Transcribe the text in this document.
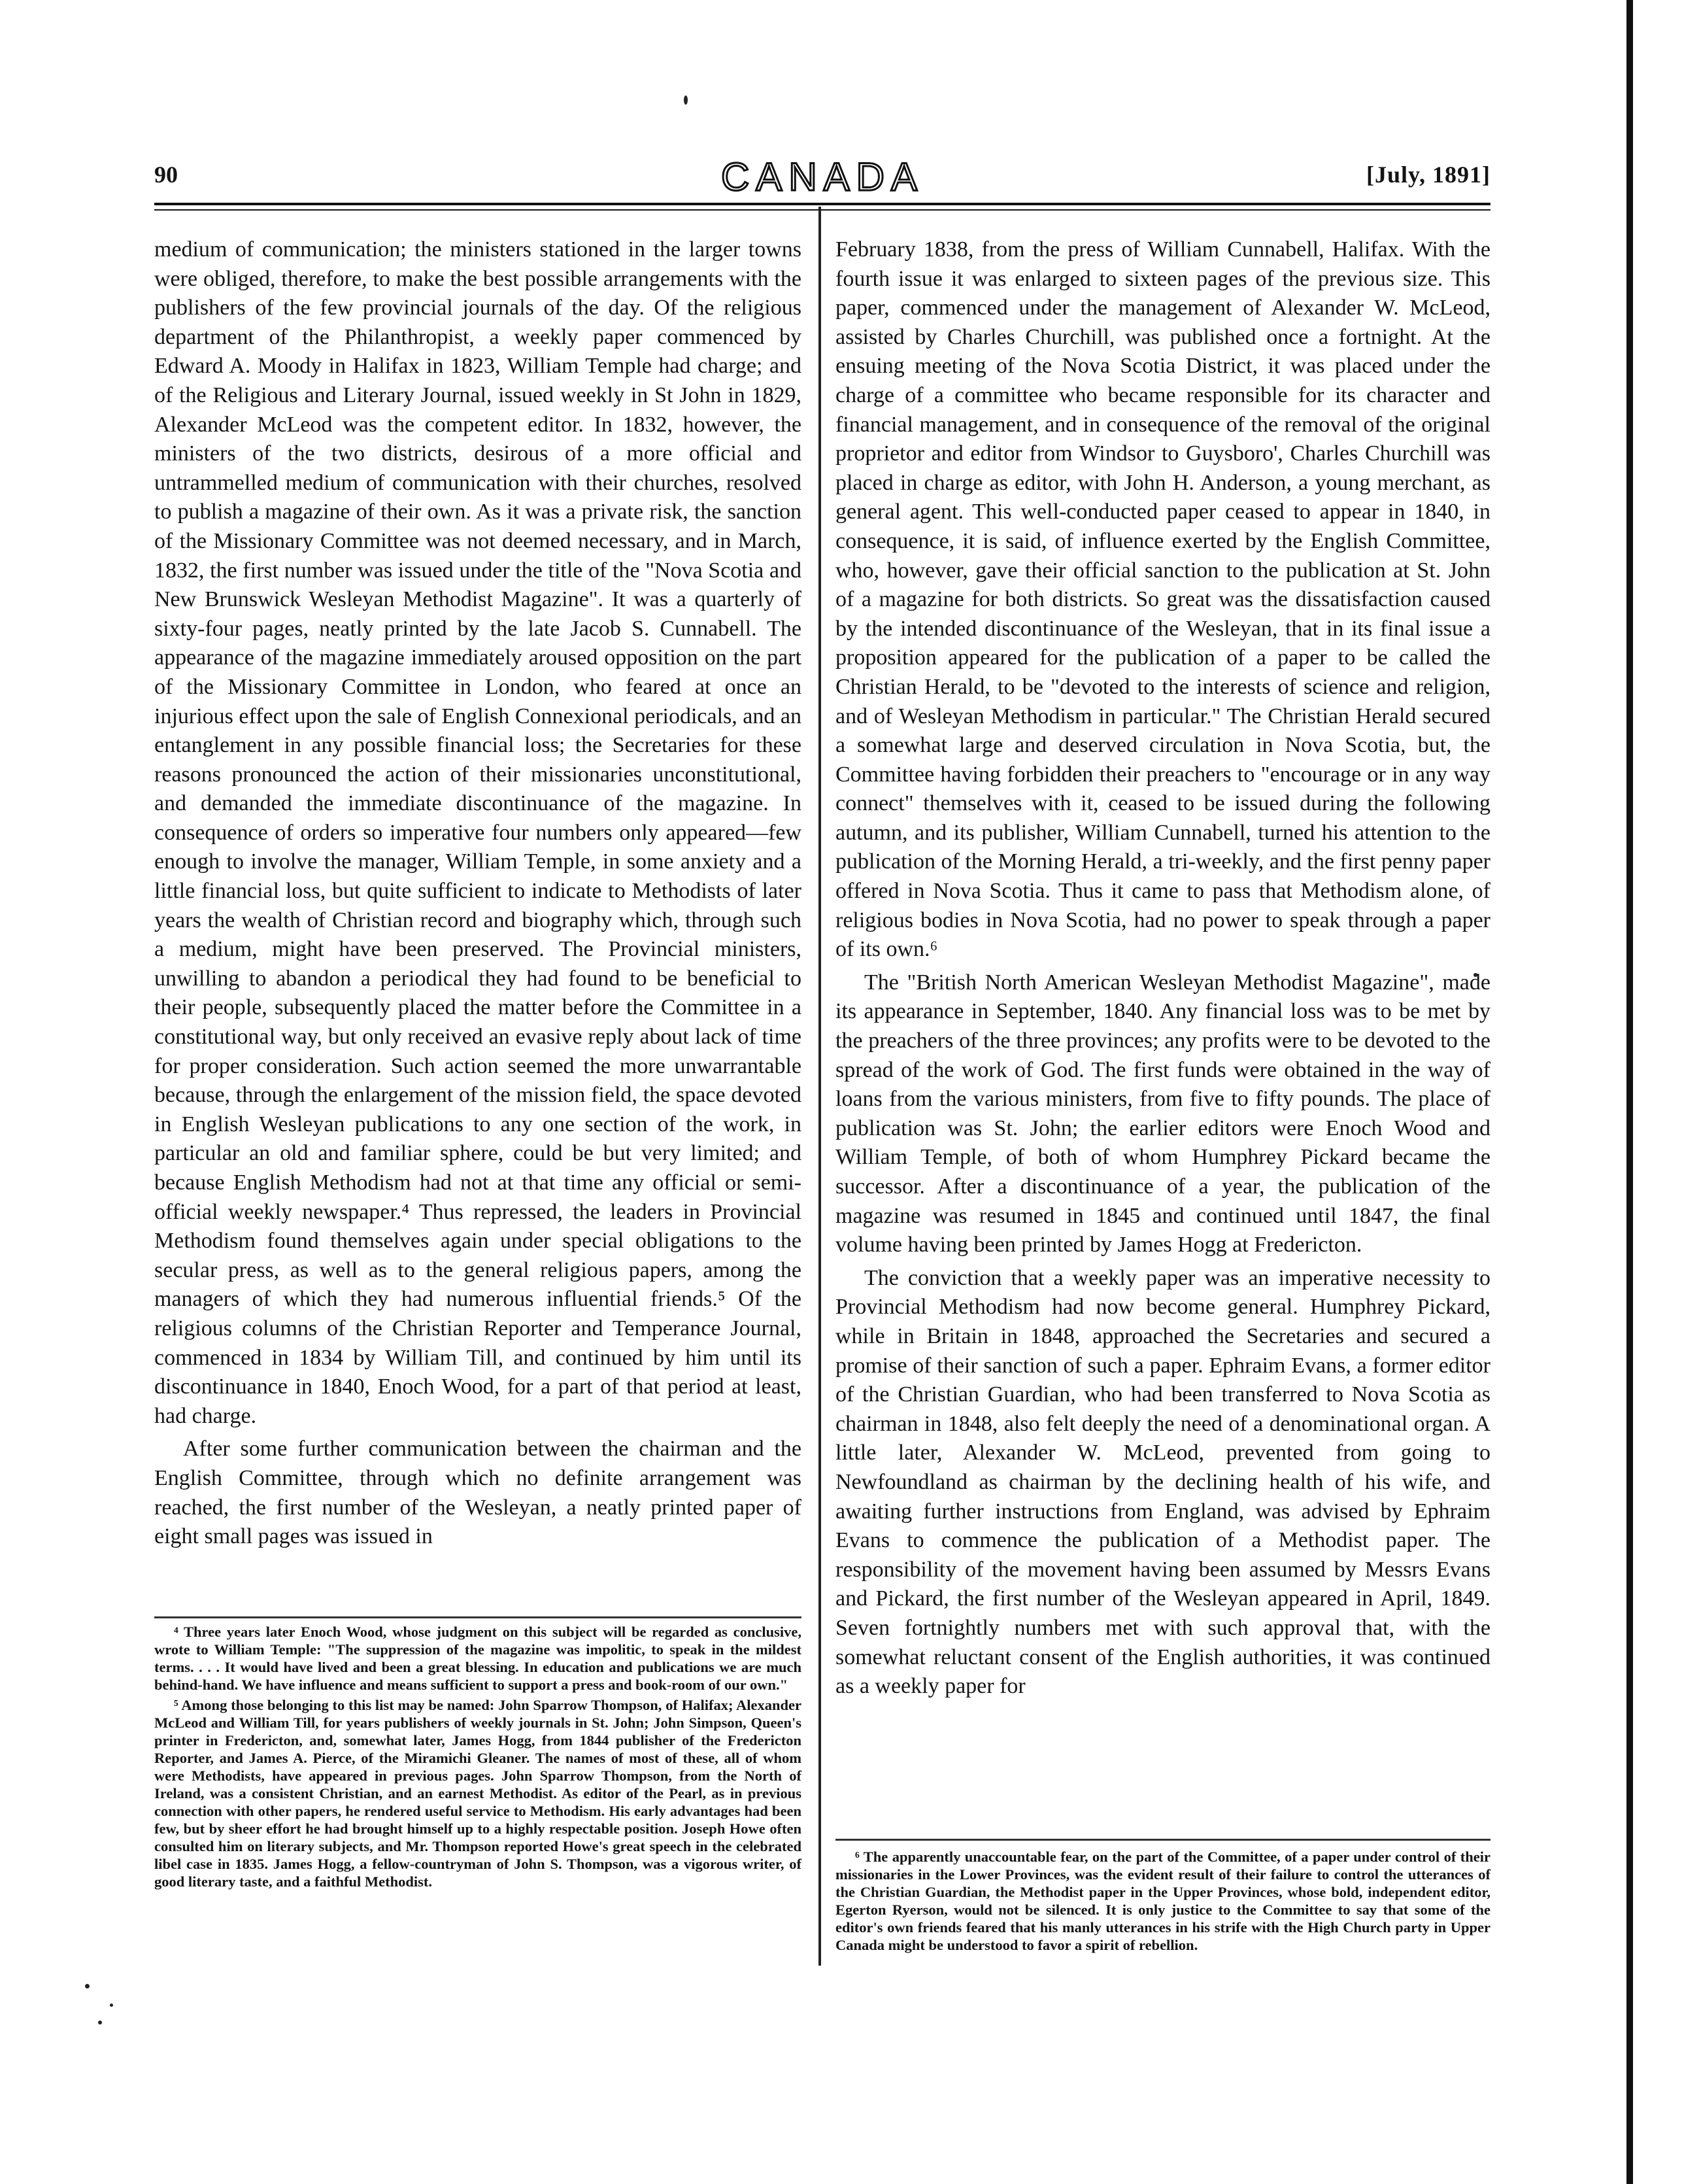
90	CANADA	[July, 1891]

medium of communication; the ministers stationed in the larger towns were obliged, therefore, to make the best possible arrangements with the publishers of the few provincial journals of the day. Of the religious department of the Philanthropist, a weekly paper commenced by Edward A. Moody in Halifax in 1823, William Temple had charge; and of the Religious and Literary Journal, issued weekly in St John in 1829, Alexander McLeod was the competent editor. In 1832, however, the ministers of the two districts, desirous of a more official and untrammelled medium of communication with their churches, resolved to publish a magazine of their own. As it was a private risk, the sanction of the Missionary Committee was not deemed necessary, and in March, 1832, the first number was issued under the title of the "Nova Scotia and New Brunswick Wesleyan Methodist Magazine". It was a quarterly of sixty-four pages, neatly printed by the late Jacob S. Cunnabell. The appearance of the magazine immediately aroused opposition on the part of the Missionary Committee in London, who feared at once an injurious effect upon the sale of English Connexional periodicals, and an entanglement in any possible financial loss; the Secretaries for these reasons pronounced the action of their missionaries unconstitutional, and demanded the immediate discontinuance of the magazine. In consequence of orders so imperative four numbers only appeared—few enough to involve the manager, William Temple, in some anxiety and a little financial loss, but quite sufficient to indicate to Methodists of later years the wealth of Christian record and biography which, through such a medium, might have been preserved. The Provincial ministers, unwilling to abandon a periodical they had found to be beneficial to their people, subsequently placed the matter before the Committee in a constitutional way, but only received an evasive reply about lack of time for proper consideration. Such action seemed the more unwarrantable because, through the enlargement of the mission field, the space devoted in English Wesleyan publications to any one section of the work, in particular an old and familiar sphere, could be but very limited; and because English Methodism had not at that time any official or semi-official weekly newspaper.⁴ Thus repressed, the leaders in Provincial Methodism found themselves again under special obligations to the secular press, as well as to the general religious papers, among the managers of which they had numerous influential friends.⁵ Of the religious columns of the Christian Reporter and Temperance Journal, commenced in 1834 by William Till, and continued by him until its discontinuance in 1840, Enoch Wood, for a part of that period at least, had charge.

After some further communication between the chairman and the English Committee, through which no definite arrangement was reached, the first number of the Wesleyan, a neatly printed paper of eight small pages was issued in

February 1838, from the press of William Cunnabell, Halifax. With the fourth issue it was enlarged to sixteen pages of the previous size. This paper, commenced under the management of Alexander W. McLeod, assisted by Charles Churchill, was published once a fortnight. At the ensuing meeting of the Nova Scotia District, it was placed under the charge of a committee who became responsible for its character and financial management, and in consequence of the removal of the original proprietor and editor from Windsor to Guysboro', Charles Churchill was placed in charge as editor, with John H. Anderson, a young merchant, as general agent. This well-conducted paper ceased to appear in 1840, in consequence, it is said, of influence exerted by the English Committee, who, however, gave their official sanction to the publication at St. John of a magazine for both districts. So great was the dissatisfaction caused by the intended discontinuance of the Wesleyan, that in its final issue a proposition appeared for the publication of a paper to be called the Christian Herald, to be "devoted to the interests of science and religion, and of Wesleyan Methodism in particular." The Christian Herald secured a somewhat large and deserved circulation in Nova Scotia, but, the Committee having forbidden their preachers to "encourage or in any way connect" themselves with it, ceased to be issued during the following autumn, and its publisher, William Cunnabell, turned his attention to the publication of the Morning Herald, a tri-weekly, and the first penny paper offered in Nova Scotia. Thus it came to pass that Methodism alone, of religious bodies in Nova Scotia, had no power to speak through a paper of its own.⁶

The "British North American Wesleyan Methodist Magazine", made its appearance in September, 1840. Any financial loss was to be met by the preachers of the three provinces; any profits were to be devoted to the spread of the work of God. The first funds were obtained in the way of loans from the various ministers, from five to fifty pounds. The place of publication was St. John; the earlier editors were Enoch Wood and William Temple, of both of whom Humphrey Pickard became the successor. After a discontinuance of a year, the publication of the magazine was resumed in 1845 and continued until 1847, the final volume having been printed by James Hogg at Fredericton.

The conviction that a weekly paper was an imperative necessity to Provincial Methodism had now become general. Humphrey Pickard, while in Britain in 1848, approached the Secretaries and secured a promise of their sanction of such a paper. Ephraim Evans, a former editor of the Christian Guardian, who had been transferred to Nova Scotia as chairman in 1848, also felt deeply the need of a denominational organ. A little later, Alexander W. McLeod, prevented from going to Newfoundland as chairman by the declining health of his wife, and awaiting further instructions from England, was advised by Ephraim Evans to commence the publication of a Methodist paper. The responsibility of the movement having been assumed by Messrs Evans and Pickard, the first number of the Wesleyan appeared in April, 1849. Seven fortnightly numbers met with such approval that, with the somewhat reluctant consent of the English authorities, it was continued as a weekly paper for

⁴ Three years later Enoch Wood, whose judgment on this subject will be regarded as conclusive, wrote to William Temple: "The suppression of the magazine was impolitic, to speak in the mildest terms. . . . It would have lived and been a great blessing. In education and publications we are much behind-hand. We have influence and means sufficient to support a press and book-room of our own."

⁵ Among those belonging to this list may be named: John Sparrow Thompson, of Halifax; Alexander McLeod and William Till, for years publishers of weekly journals in St. John; John Simpson, Queen's printer in Fredericton, and, somewhat later, James Hogg, from 1844 publisher of the Fredericton Reporter, and James A. Pierce, of the Miramichi Gleaner. The names of most of these, all of whom were Methodists, have appeared in previous pages. John Sparrow Thompson, from the North of Ireland, was a consistent Christian, and an earnest Methodist. As editor of the Pearl, as in previous connection with other papers, he rendered useful service to Methodism. His early advantages had been few, but by sheer effort he had brought himself up to a highly respectable position. Joseph Howe often consulted him on literary subjects, and Mr. Thompson reported Howe's great speech in the celebrated libel case in 1835. James Hogg, a fellow-countryman of John S. Thompson, was a vigorous writer, of good literary taste, and a faithful Methodist.

⁶ The apparently unaccountable fear, on the part of the Committee, of a paper under control of their missionaries in the Lower Provinces, was the evident result of their failure to control the utterances of the Christian Guardian, the Methodist paper in the Upper Provinces, whose bold, independent editor, Egerton Ryerson, would not be silenced. It is only justice to the Committee to say that some of the editor's own friends feared that his manly utterances in his strife with the High Church party in Upper Canada might be understood to favor a spirit of rebellion.
